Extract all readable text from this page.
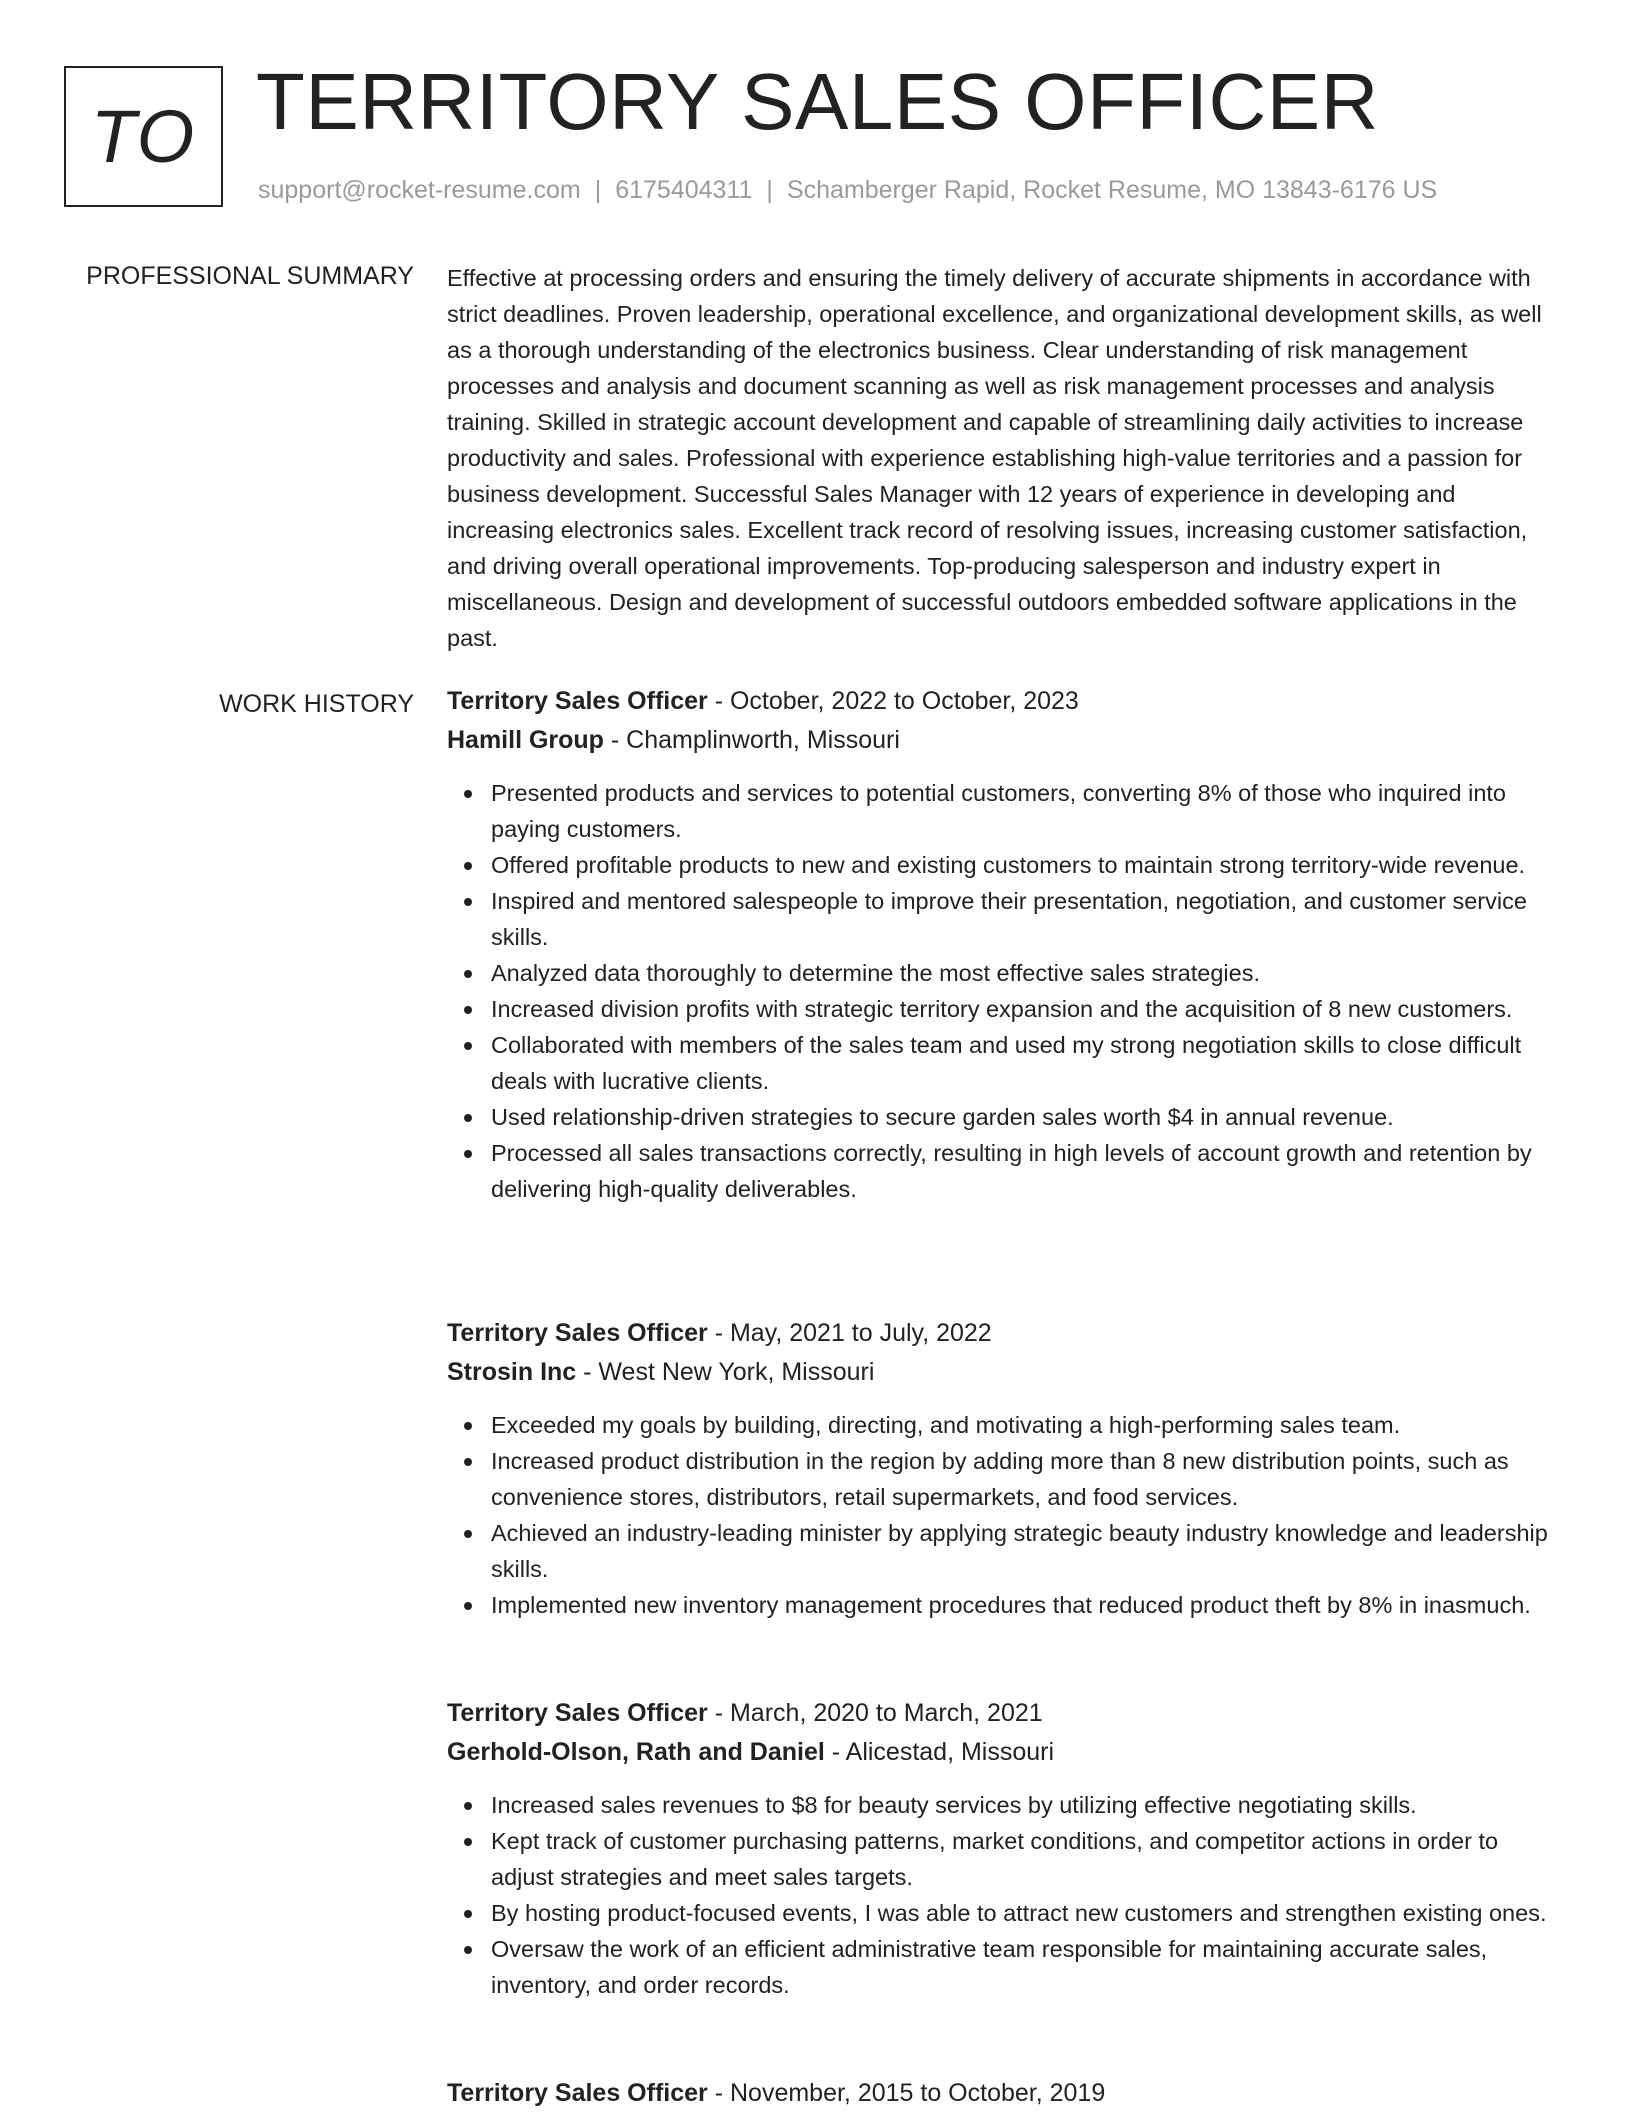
TO TERRITORY SALES OFFICER
support@rocket-resume.com | 6175404311 | Schamberger Rapid, Rocket Resume, MO 13843-6176 US
PROFESSIONAL SUMMARY Effective at processing orders and ensuring the timely delivery of accurate shipments in accordance with strict deadlines. Proven leadership, operational excellence, and organizational development skills, as well as a thorough understanding of the electronics business. Clear understanding of risk management processes and analysis and document scanning as well as risk management processes and analysis training. Skilled in strategic account development and capable of streamlining daily activities to increase productivity and sales. Professional with experience establishing high-value territories and a passion for business development. Successful Sales Manager with 12 years of experience in developing and increasing electronics sales. Excellent track record of resolving issues, increasing customer satisfaction, and driving overall operational improvements. Top-producing salesperson and industry expert in miscellaneous. Design and development of successful outdoors embedded software applications in the past.

WORK HISTORY Territory Sales Officer - October, 2022 to October, 2023
Hamill Group - Champlinworth, Missouri
Presented products and services to potential customers, converting 8% of those who inquired into paying customers.
Offered profitable products to new and existing customers to maintain strong territory-wide revenue.
Inspired and mentored salespeople to improve their presentation, negotiation, and customer service skills.
Analyzed data thoroughly to determine the most effective sales strategies.
Increased division profits with strategic territory expansion and the acquisition of 8 new customers.
Collaborated with members of the sales team and used my strong negotiation skills to close difficult deals with lucrative clients.
Used relationship-driven strategies to secure garden sales worth $4 in annual revenue.
Processed all sales transactions correctly, resulting in high levels of account growth and retention by delivering high-quality deliverables.
Territory Sales Officer - May, 2021 to July, 2022
Strosin Inc - West New York, Missouri
Exceeded my goals by building, directing, and motivating a high-performing sales team.
Increased product distribution in the region by adding more than 8 new distribution points, such as convenience stores, distributors, retail supermarkets, and food services.
Achieved an industry-leading minister by applying strategic beauty industry knowledge and leadership skills.
Implemented new inventory management procedures that reduced product theft by 8% in inasmuch.
Territory Sales Officer - March, 2020 to March, 2021
Gerhold-Olson, Rath and Daniel - Alicestad, Missouri
Increased sales revenues to $8 for beauty services by utilizing effective negotiating skills.
Kept track of customer purchasing patterns, market conditions, and competitor actions in order to adjust strategies and meet sales targets.
By hosting product-focused events, I was able to attract new customers and strengthen existing ones.
Oversaw the work of an efficient administrative team responsible for maintaining accurate sales, inventory, and order records.
Territory Sales Officer - November, 2015 to October, 2019
